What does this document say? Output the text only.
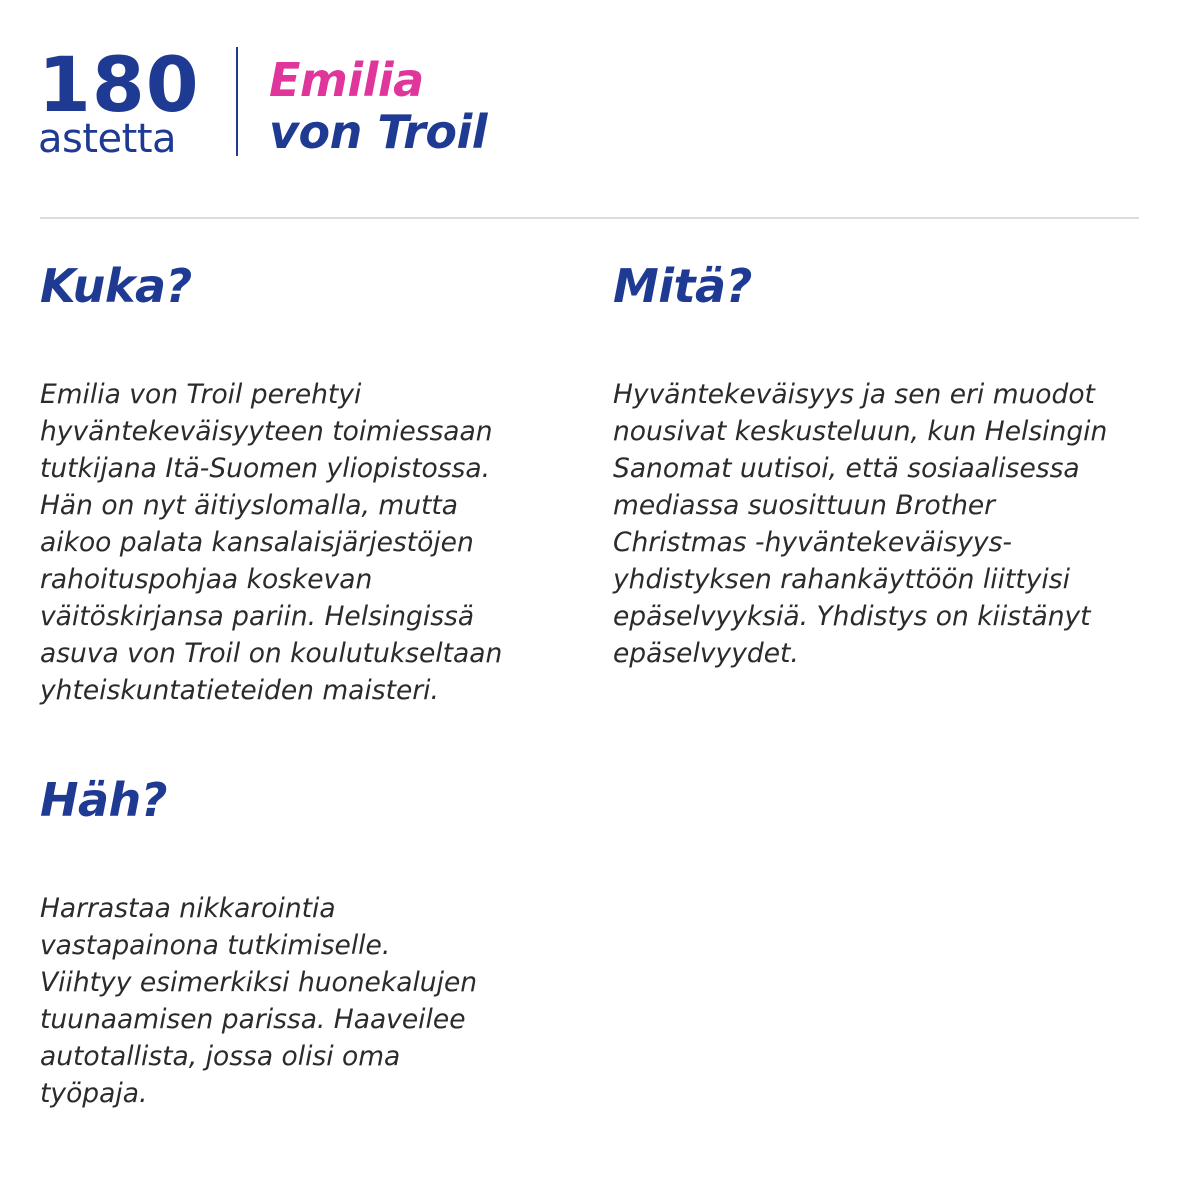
180
astetta
Emilia
von Troil
Kuka?

Emilia von Troil perehtyi
hyväntekeväisyyteen toimiessaan
tutkijana Itä-Suomen yliopistossa.
Hän on nyt äitiyslomalla, mutta
aikoo palata kansalaisjärjestöjen
rahoituspohjaa koskevan
väitöskirjansa pariin. Helsingissä
asuva von Troil on koulutukseltaan
yhteiskuntatieteiden maisteri.

Mitä?

Hyväntekeväisyys ja sen eri muodot
nousivat keskusteluun, kun Helsingin
Sanomat uutisoi, että sosiaalisessa
mediassa suosittuun Brother
Christmas -hyväntekeväisyys-
yhdistyksen rahankäyttöön liittyisi
epäselvyyksiä. Yhdistys on kiistänyt
epäselvyydet.

Häh?

Harrastaa nikkarointia
vastapainona tutkimiselle.
Viihtyy esimerkiksi huonekalujen
tuunaamisen parissa. Haaveilee
autotallista, jossa olisi oma
työpaja.
